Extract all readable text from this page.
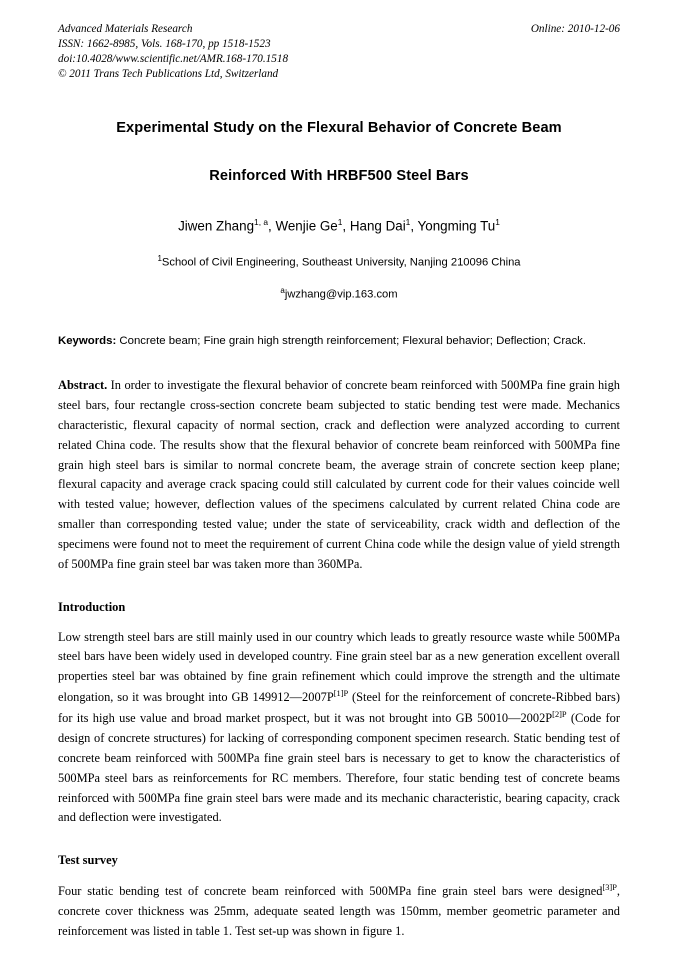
Advanced Materials Research
ISSN: 1662-8985, Vols. 168-170, pp 1518-1523
doi:10.4028/www.scientific.net/AMR.168-170.1518
© 2011 Trans Tech Publications Ltd, Switzerland
Online: 2010-12-06
Experimental Study on the Flexural Behavior of Concrete Beam
Reinforced With HRBF500 Steel Bars
Jiwen Zhang$^{1, a}$, Wenjie Ge$^1$, Hang Dai$^1$, Yongming Tu$^1$
$^1$School of Civil Engineering, Southeast University, Nanjing 210096 China
$^a$jwzhang@vip.163.com
Keywords: Concrete beam; Fine grain high strength reinforcement; Flexural behavior; Deflection; Crack.
Abstract. In order to investigate the flexural behavior of concrete beam reinforced with 500MPa fine grain high steel bars, four rectangle cross-section concrete beam subjected to static bending test were made. Mechanics characteristic, flexural capacity of normal section, crack and deflection were analyzed according to current related China code. The results show that the flexural behavior of concrete beam reinforced with 500MPa fine grain high steel bars is similar to normal concrete beam, the average strain of concrete section keep plane; flexural capacity and average crack spacing could still calculated by current code for their values coincide well with tested value; however, deflection values of the specimens calculated by current related China code are smaller than corresponding tested value; under the state of serviceability, crack width and deflection of the specimens were found not to meet the requirement of current China code while the design value of yield strength of 500MPa fine grain steel bar was taken more than 360MPa.
Introduction
Low strength steel bars are still mainly used in our country which leads to greatly resource waste while 500MPa steel bars have been widely used in developed country. Fine grain steel bar as a new generation excellent overall properties steel bar was obtained by fine grain refinement which could improve the strength and the ultimate elongation, so it was brought into GB $149912—2007P^{[1]P}$ (Steel for the reinforcement of concrete-Ribbed bars) for its high use value and broad market prospect, but it was not brought into GB $50010—2002P^{[2]P}$ (Code for design of concrete structures) for lacking of corresponding component specimen research. Static bending test of concrete beam reinforced with 500MPa fine grain steel bars is necessary to get to know the characteristics of 500MPa steel bars as reinforcements for RC members. Therefore, four static bending test of concrete beams reinforced with 500MPa fine grain steel bars were made and its mechanic characteristic, bearing capacity, crack and deflection were investigated.
Test survey
Four static bending test of concrete beam reinforced with 500MPa fine grain steel bars were designed$^{[3]P}$, concrete cover thickness was 25mm, adequate seated length was 150mm, member geometric parameter and reinforcement was listed in table 1. Test set-up was shown in figure 1.
